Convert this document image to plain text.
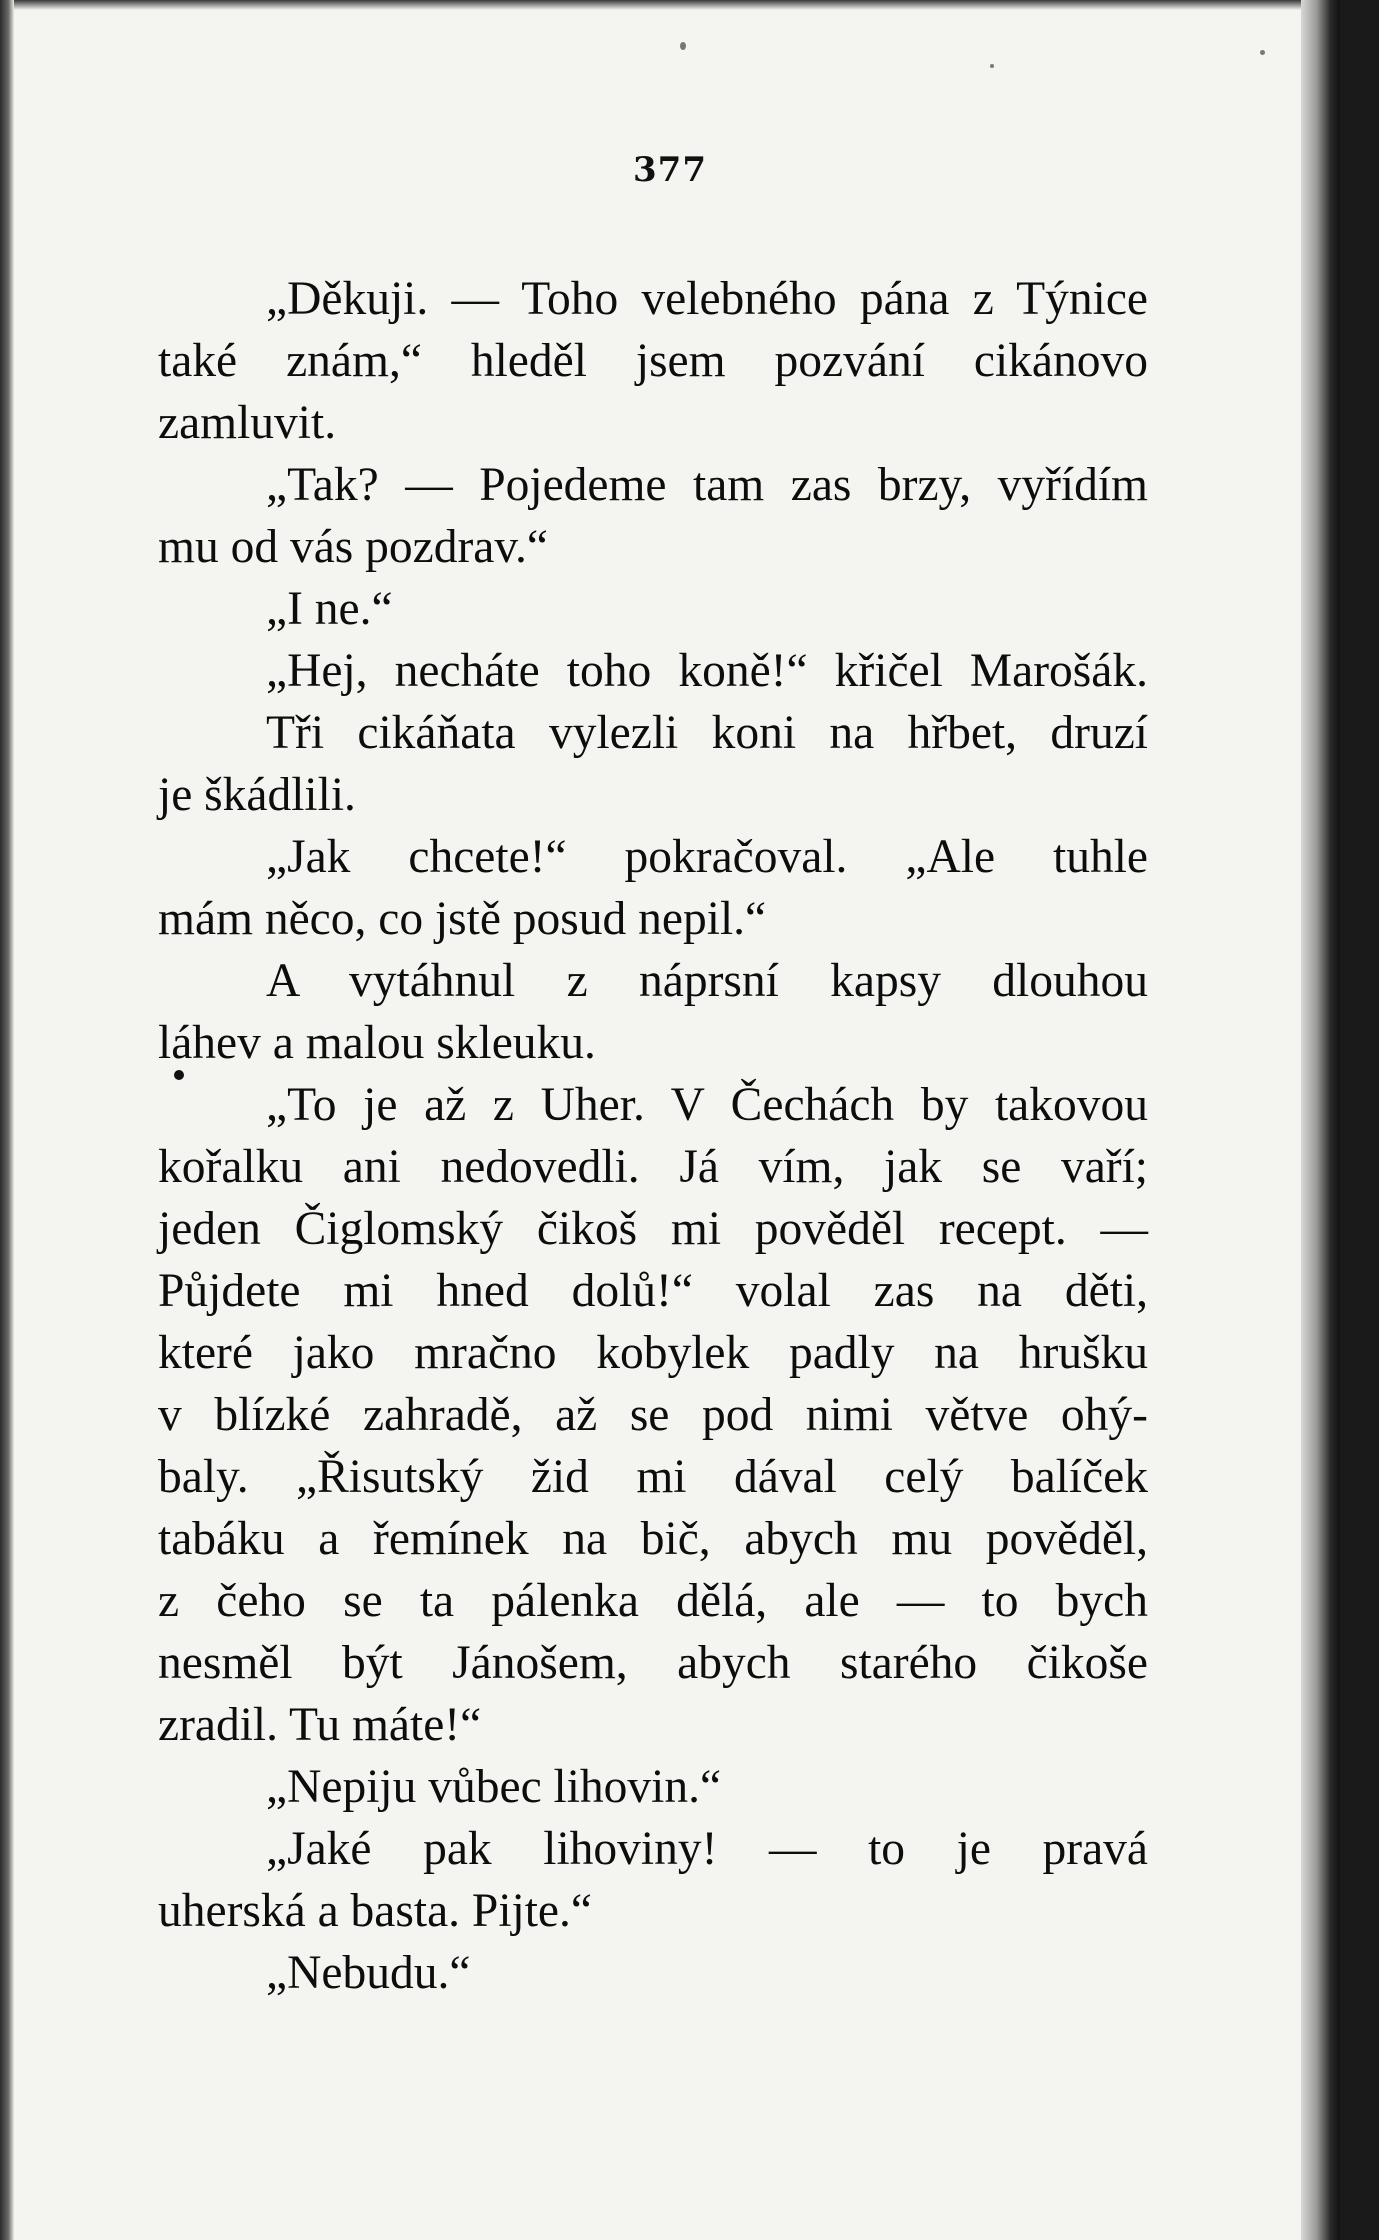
377
„Děkuji. — Toho velebného pána z Týnice
také znám,“ hleděl jsem pozvání cikánovo
zamluvit.
„Tak? — Pojedeme tam zas brzy, vyřídím
mu od vás pozdrav.“
„I ne.“
„Hej, necháte toho koně!“ křičel Marošák.
Tři cikáňata vylezli koni na hřbet, druzí
je škádlili.
„Jak chcete!“ pokračoval. „Ale tuhle
mám něco, co jstě posud nepil.“
A vytáhnul z náprsní kapsy dlouhou
láhev a malou skleuku.
„To je až z Uher. V Čechách by takovou
kořalku ani nedovedli. Já vím, jak se vaří;
jeden Čiglomský čikoš mi pověděl recept. —
Půjdete mi hned dolů!“ volal zas na děti,
které jako mračno kobylek padly na hrušku
v blízké zahradě, až se pod nimi větve ohý-
baly. „Řisutský žid mi dával celý balíček
tabáku a řemínek na bič, abych mu pověděl,
z čeho se ta pálenka dělá, ale — to bych
nesměl být Jánošem, abych starého čikoše
zradil. Tu máte!“
„Nepiju vůbec lihovin.“
„Jaké pak lihoviny! — to je pravá
uherská a basta. Pijte.“
„Nebudu.“
